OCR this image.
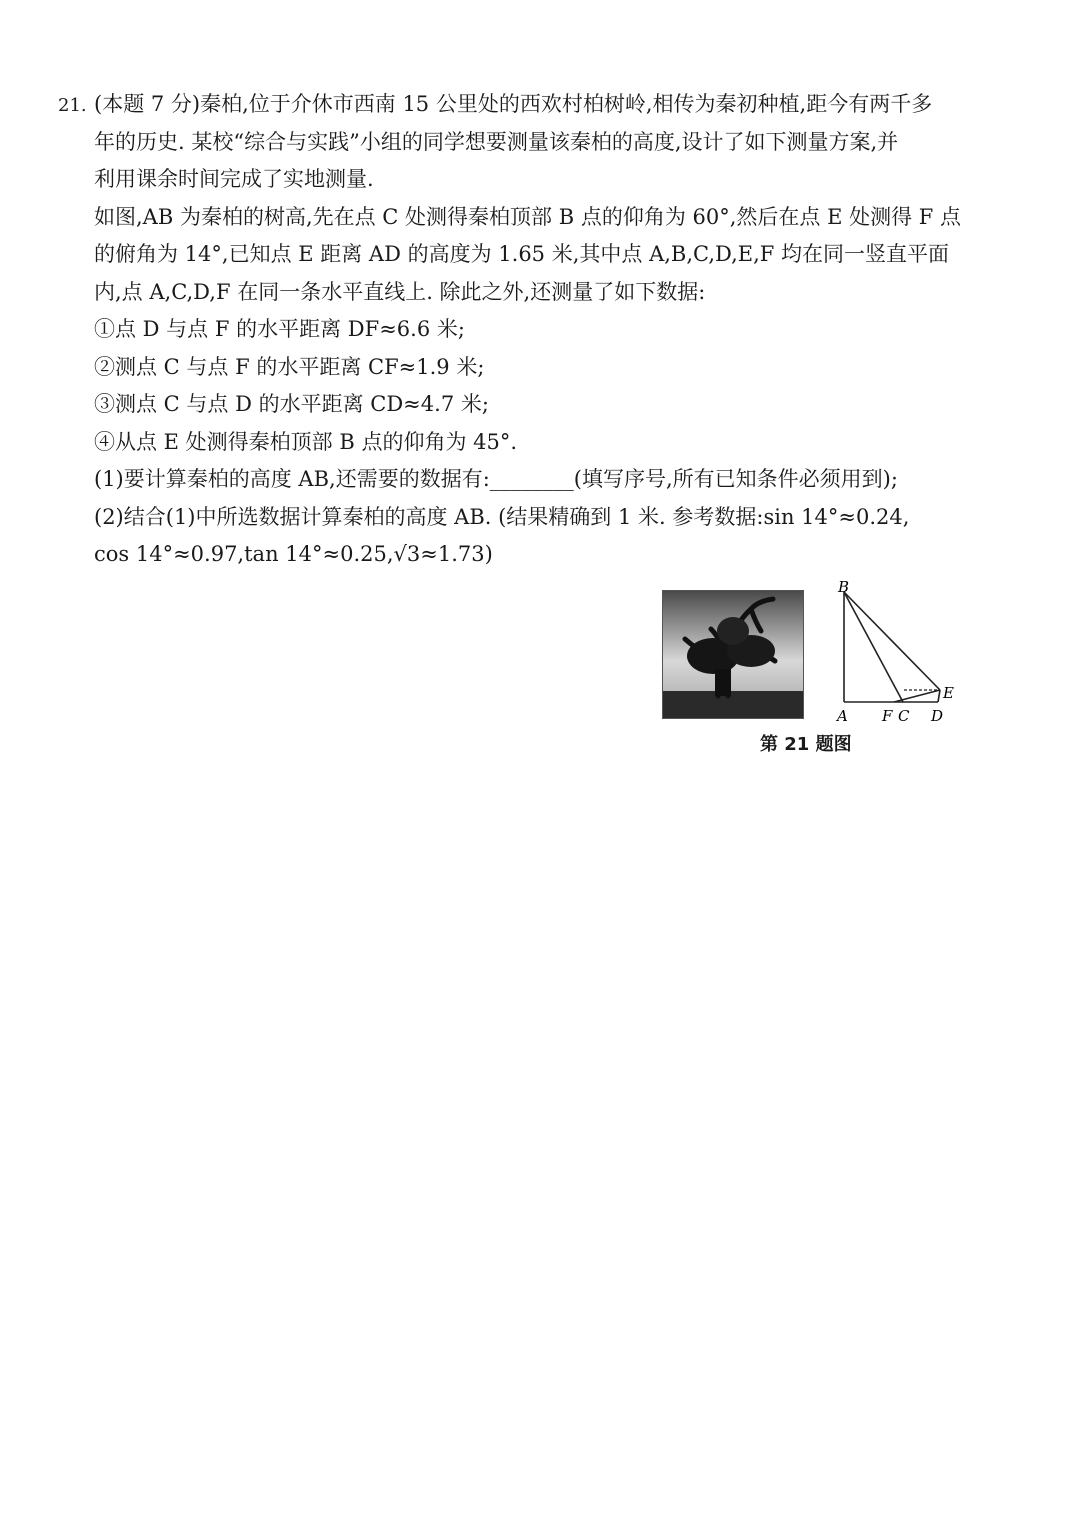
21. (本题 7 分)秦柏,位于介休市西南 15 公里处的西欢村柏树岭,相传为秦初种植,距今有两千多
年的历史. 某校“综合与实践”小组的同学想要测量该秦柏的高度,设计了如下测量方案,并
利用课余时间完成了实地测量.
如图,AB 为秦柏的树高,先在点 C 处测得秦柏顶部 B 点的仰角为 60°,然后在点 E 处测得 F 点
的俯角为 14°,已知点 E 距离 AD 的高度为 1.65 米,其中点 A,B,C,D,E,F 均在同一竖直平面
内,点 A,C,D,F 在同一条水平直线上. 除此之外,还测量了如下数据:
①点 D 与点 F 的水平距离 DF≈6.6 米;
②测点 C 与点 F 的水平距离 CF≈1.9 米;
③测点 C 与点 D 的水平距离 CD≈4.7 米;
④从点 E 处测得秦柏顶部 B 点的仰角为 45°.
(1)要计算秦柏的高度 AB,还需要的数据有:________(填写序号,所有已知条件必须用到);
(2)结合(1)中所选数据计算秦柏的高度 AB. (结果精确到 1 米. 参考数据:sin 14°≈0.24,
cos 14°≈0.97,tan 14°≈0.25,√3≈1.73)
B
A F C D
E
第 21 题图
